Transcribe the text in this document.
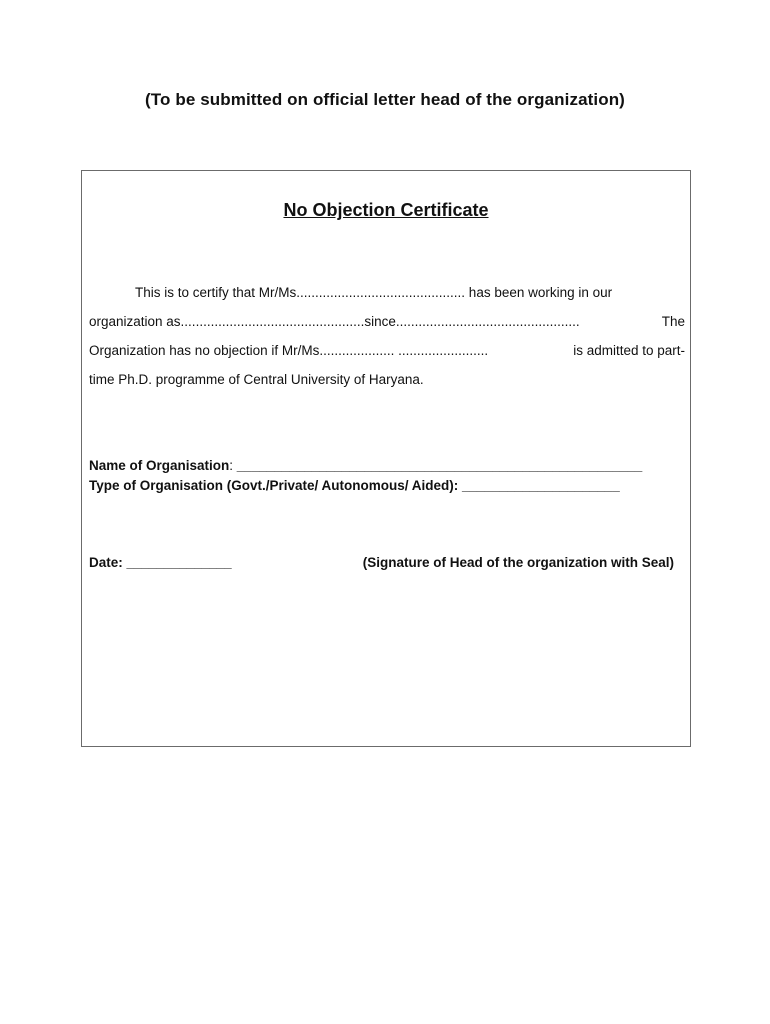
(To be submitted on official letter head of the organization)
No Objection Certificate
This is to certify that Mr/Ms............................................. has been working in our
organization as.................................................since.................................................	The
Organization has no objection if Mr/Ms.................... ........................	is admitted to part-
time Ph.D. programme of Central University of Haryana.
Name of Organisation: ______________________________________________________
Type of Organisation (Govt./Private/ Autonomous/ Aided): _____________________
Date: ______________	(Signature of Head of the organization with Seal)
